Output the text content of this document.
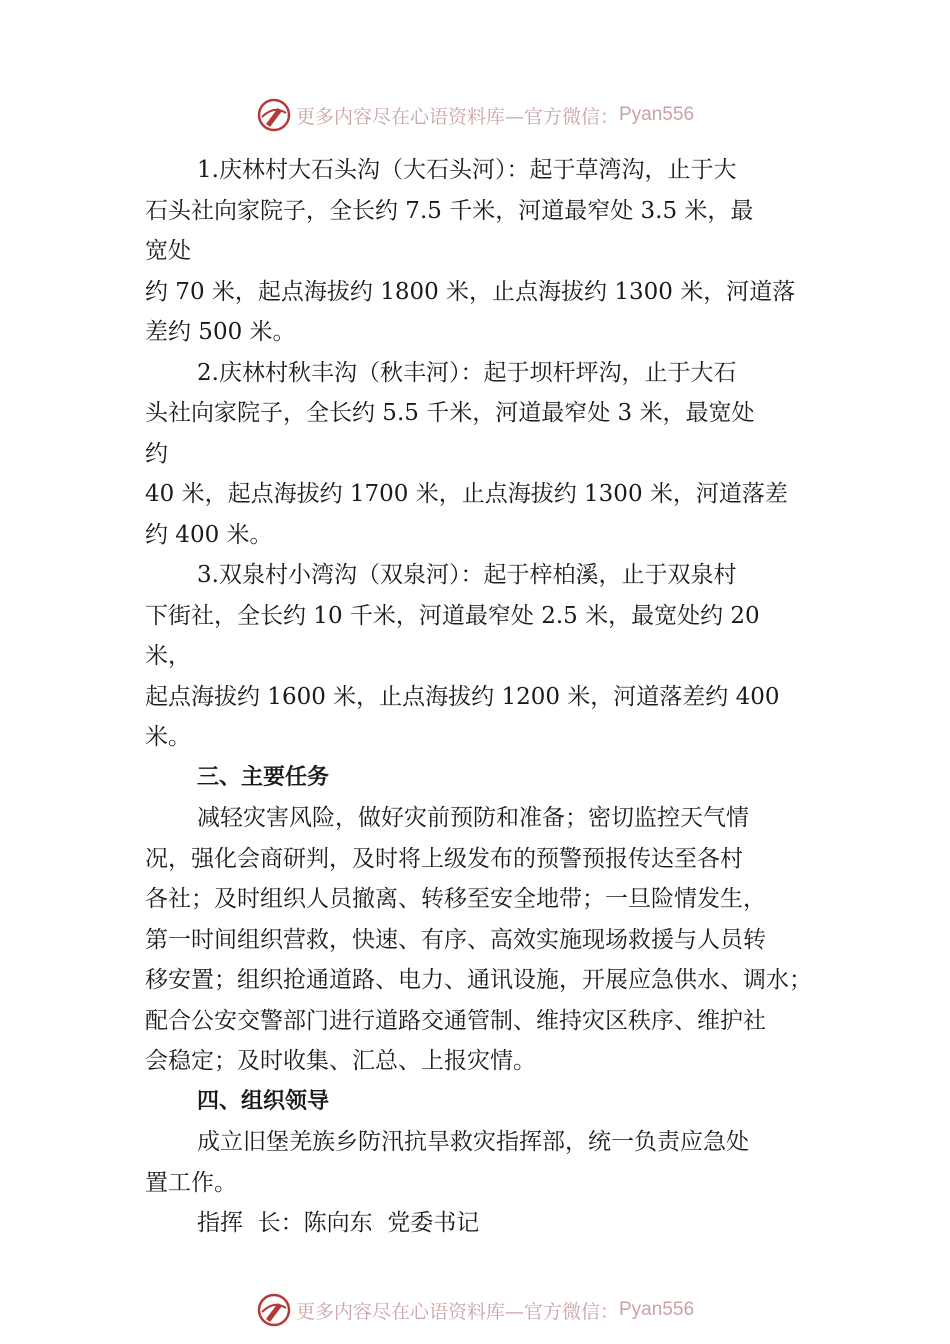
更多内容尽在心语资料库—官方微信： Pyan556
1.庆林村大石头沟（大石头河）：起于草湾沟，止于大
石头社向家院子，全长约 7.5 千米，河道最窄处 3.5 米，最
宽处
约 70 米，起点海拔约 1800 米，止点海拔约 1300 米，河道落
差约 500 米。
2.庆林村秋丰沟（秋丰河）：起于坝杆坪沟，止于大石
头社向家院子，全长约 5.5 千米，河道最窄处 3 米，最宽处
约
40 米，起点海拔约 1700 米，止点海拔约 1300 米，河道落差
约 400 米。
3.双泉村小湾沟（双泉河）：起于梓柏溪，止于双泉村
下街社，全长约 10 千米，河道最窄处 2.5 米，最宽处约 20
米，
起点海拔约 1600 米，止点海拔约 1200 米，河道落差约 400
米。
三、主要任务
减轻灾害风险，做好灾前预防和准备；密切监控天气情
况，强化会商研判，及时将上级发布的预警预报传达至各村
各社；及时组织人员撤离、转移至安全地带；一旦险情发生，
第一时间组织营救，快速、有序、高效实施现场救援与人员转
移安置；组织抢通道路、电力、通讯设施，开展应急供水、调水；
配合公安交警部门进行道路交通管制、维持灾区秩序、维护社
会稳定；及时收集、汇总、上报灾情。
四、组织领导
成立旧堡羌族乡防汛抗旱救灾指挥部，统一负责应急处
置工作。
指挥  长：陈向东  党委书记
更多内容尽在心语资料库—官方微信： Pyan556
